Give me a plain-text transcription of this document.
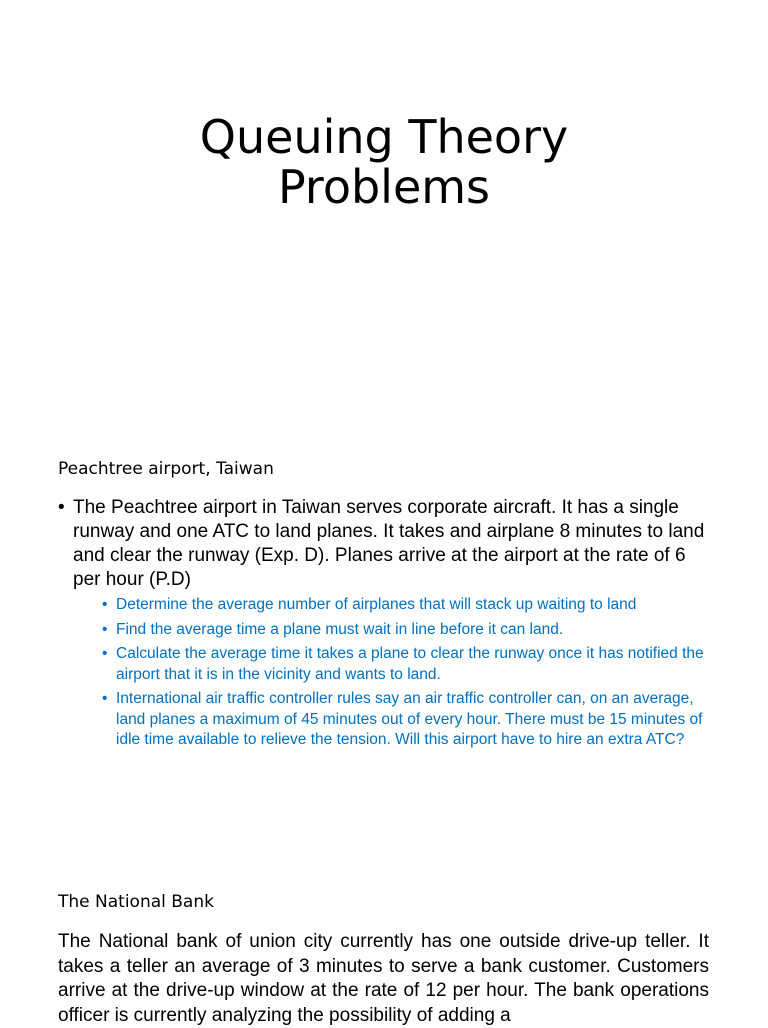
Queuing Theory
Problems
Peachtree airport, Taiwan
• The Peachtree airport in Taiwan serves corporate aircraft. It has a single runway and one ATC to land planes. It takes and airplane 8 minutes to land and clear the runway (Exp. D). Planes arrive at the airport at the rate of 6 per hour (P.D)
• Determine the average number of airplanes that will stack up waiting to land
• Find the average time a plane must wait in line before it can land.
• Calculate the average time it takes a plane to clear the runway once it has notified the airport that it is in the vicinity and wants to land.
• International air traffic controller rules say an air traffic controller can, on an average, land planes a maximum of 45 minutes out of every hour. There must be 15 minutes of idle time available to relieve the tension. Will this airport have to hire an extra ATC?
The National Bank

The National bank of union city currently has one outside drive-up teller. It takes a teller an average of 3 minutes to serve a bank customer. Customers arrive at the drive-up window at the rate of 12 per hour. The bank operations officer is currently analyzing the possibility of adding a
